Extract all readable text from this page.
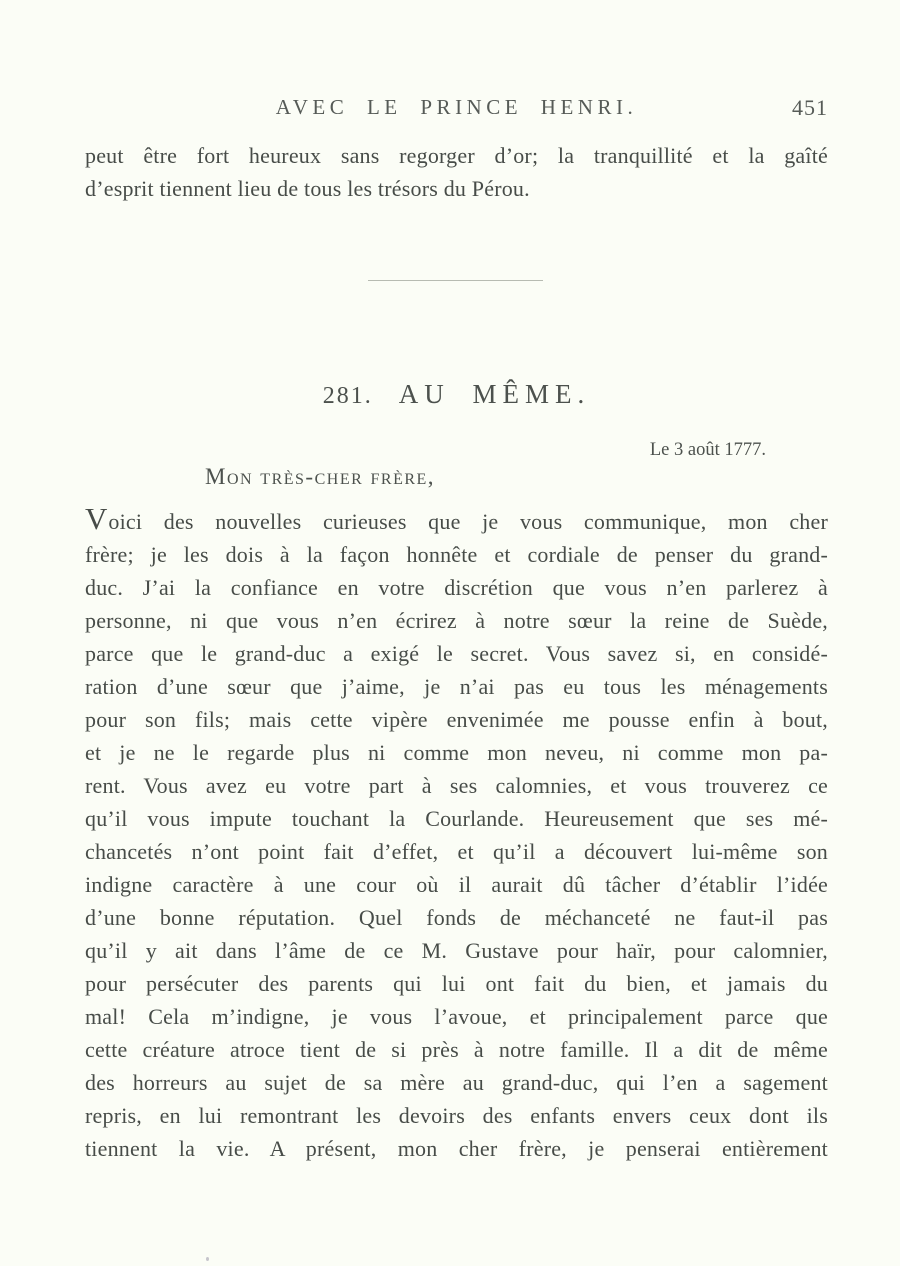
AVEC LE PRINCE HENRI.	451
peut être fort heureux sans regorger d’or; la tranquillité et la gaîté
d’esprit tiennent lieu de tous les trésors du Pérou.
281. AU MÊME.
Le 3 août 1777.
Mon très-cher frère,
Voici des nouvelles curieuses que je vous communique, mon cher
frère; je les dois à la façon honnête et cordiale de penser du grand-
duc. J’ai la confiance en votre discrétion que vous n’en parlerez à
personne, ni que vous n’en écrirez à notre sœur la reine de Suède,
parce que le grand-duc a exigé le secret. Vous savez si, en considé-
ration d’une sœur que j’aime, je n’ai pas eu tous les ménagements
pour son fils; mais cette vipère envenimée me pousse enfin à bout,
et je ne le regarde plus ni comme mon neveu, ni comme mon pa-
rent. Vous avez eu votre part à ses calomnies, et vous trouverez ce
qu’il vous impute touchant la Courlande. Heureusement que ses mé-
chancetés n’ont point fait d’effet, et qu’il a découvert lui-même son
indigne caractère à une cour où il aurait dû tâcher d’établir l’idée
d’une bonne réputation. Quel fonds de méchanceté ne faut-il pas
qu’il y ait dans l’âme de ce M. Gustave pour haïr, pour calomnier,
pour persécuter des parents qui lui ont fait du bien, et jamais du
mal! Cela m’indigne, je vous l’avoue, et principalement parce que
cette créature atroce tient de si près à notre famille. Il a dit de même
des horreurs au sujet de sa mère au grand-duc, qui l’en a sagement
repris, en lui remontrant les devoirs des enfants envers ceux dont ils
tiennent la vie. A présent, mon cher frère, je penserai entièrement
